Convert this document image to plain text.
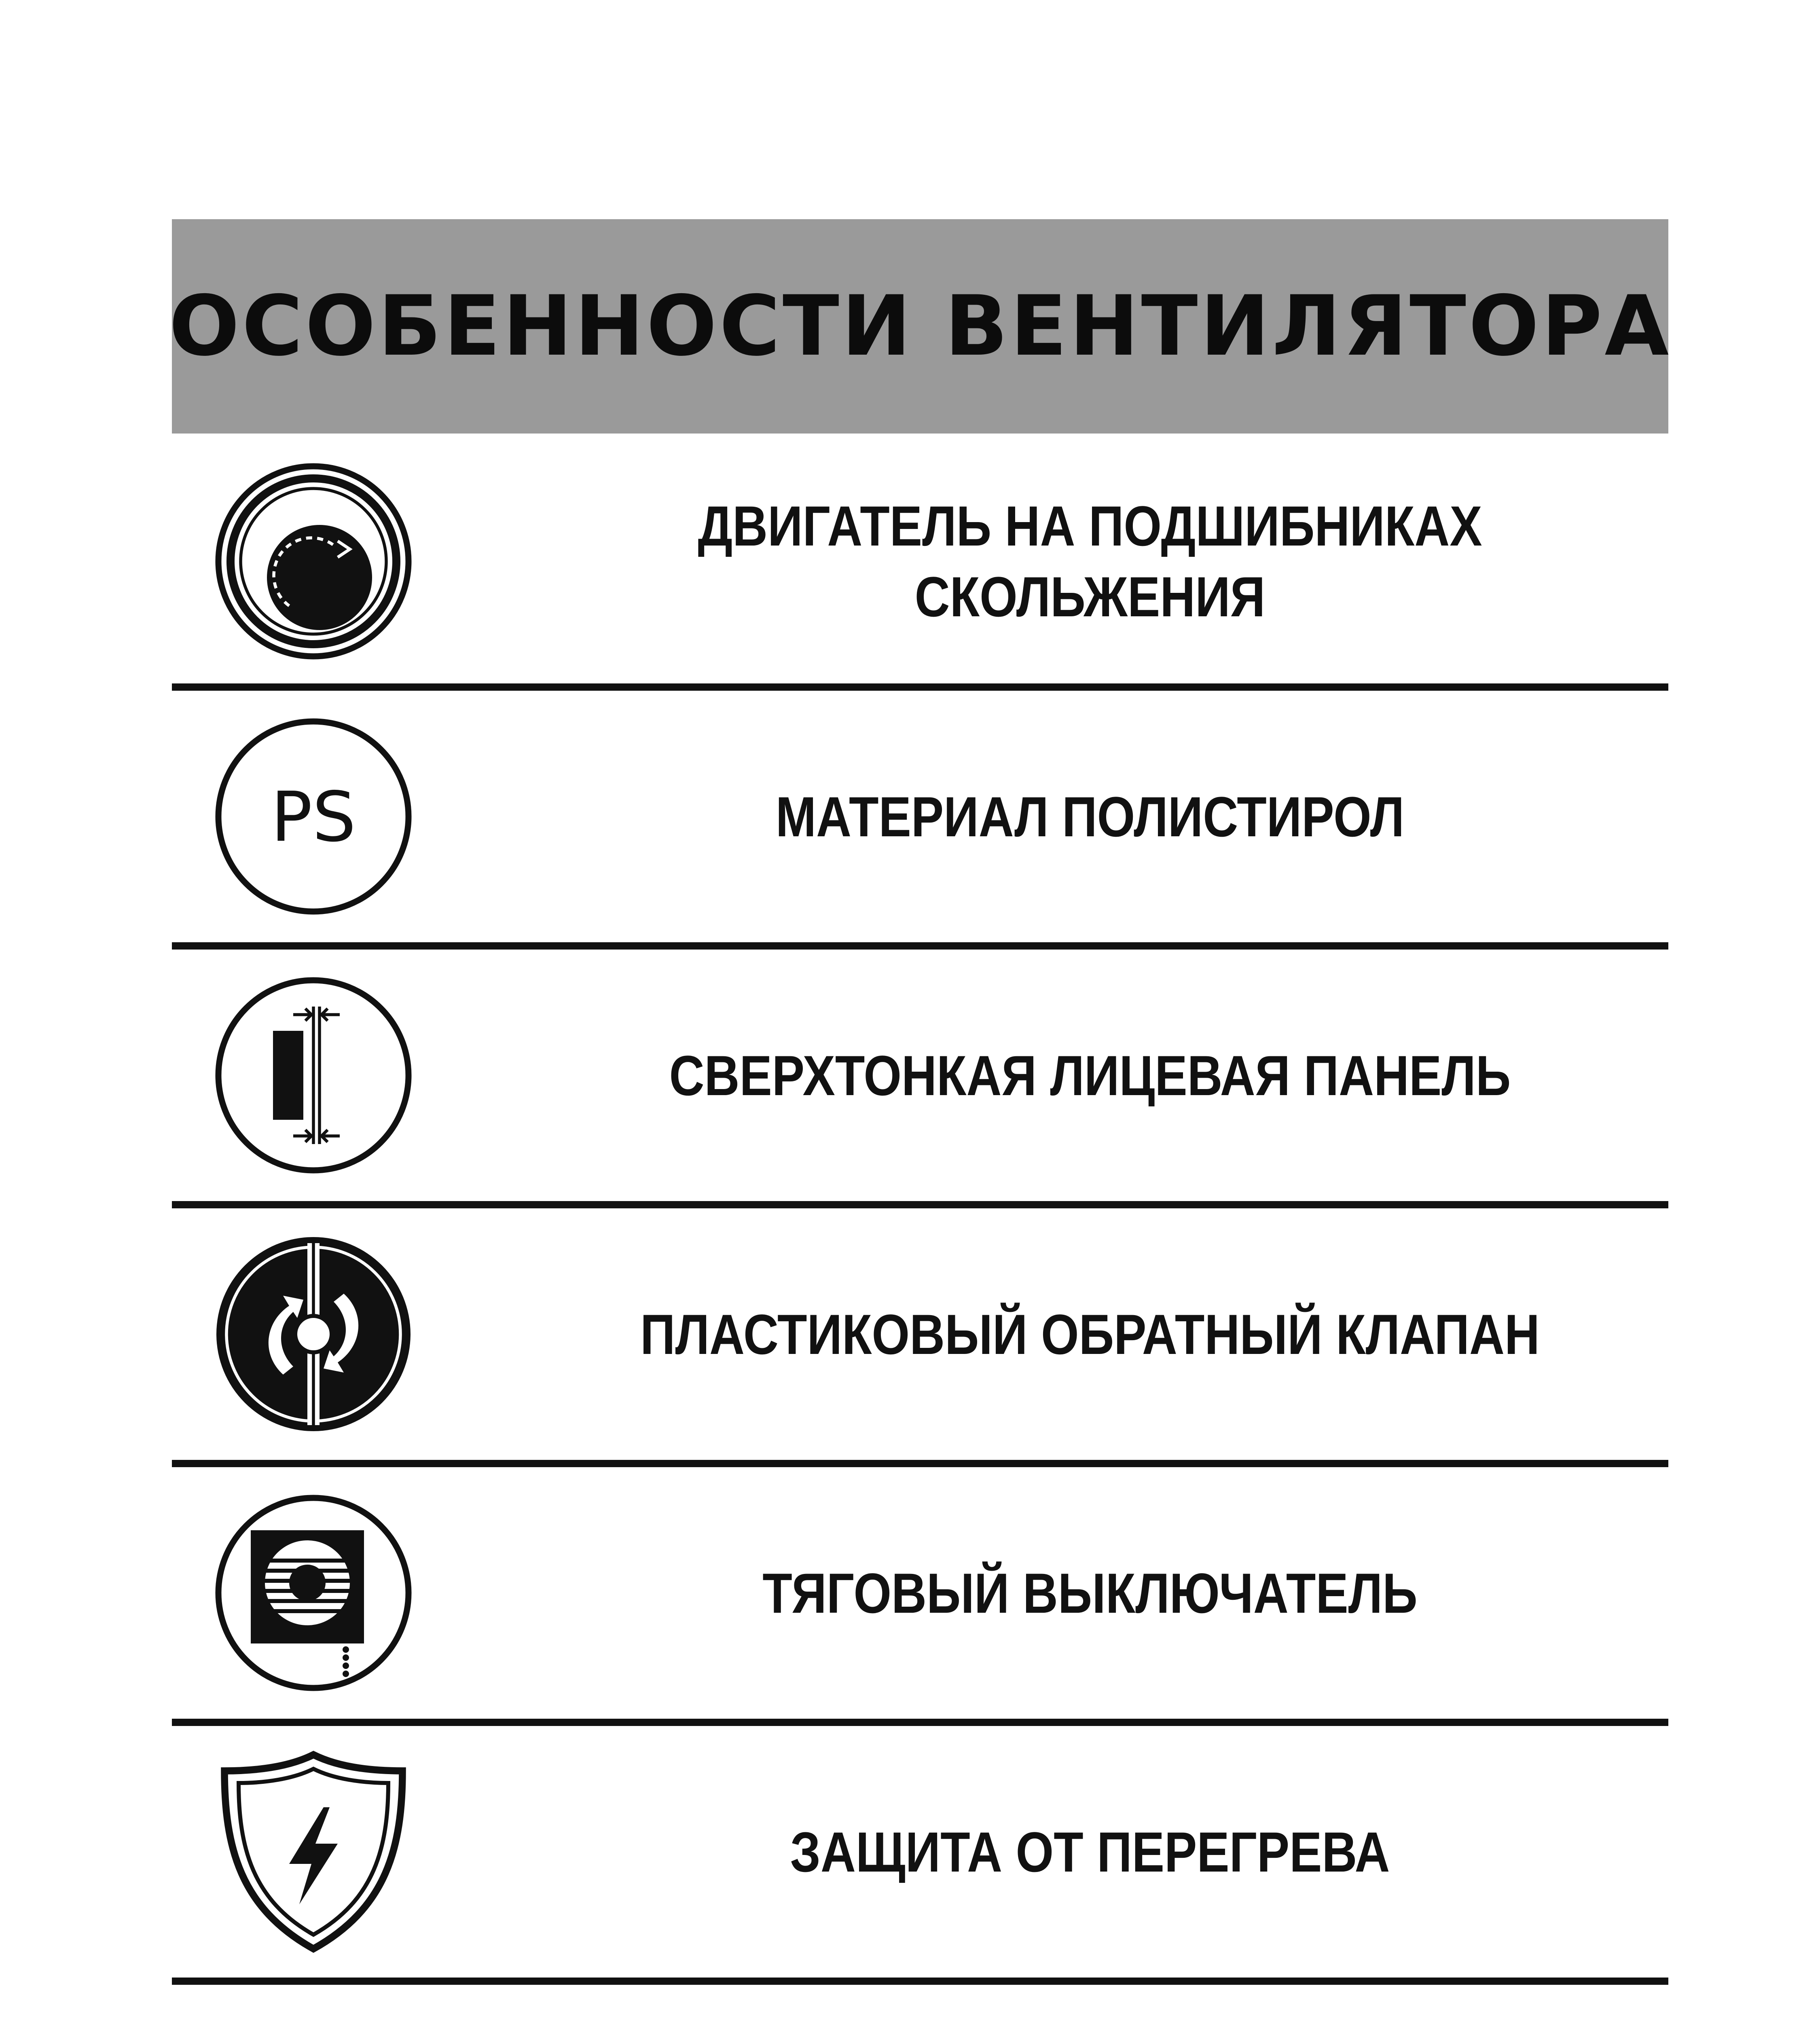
ОСОБЕННОСТИ ВЕНТИЛЯТОРА
ДВИГАТЕЛЬ НА ПОДШИБНИКАХ СКОЛЬЖЕНИЯ
PS	МАТЕРИАЛ ПОЛИСТИРОЛ
СВЕРХТОНКАЯ ЛИЦЕВАЯ ПАНЕЛЬ
ПЛАСТИКОВЫЙ ОБРАТНЫЙ КЛАПАН
ТЯГОВЫЙ ВЫКЛЮЧАТЕЛЬ
ЗАЩИТА ОТ ПЕРЕГРЕВА
